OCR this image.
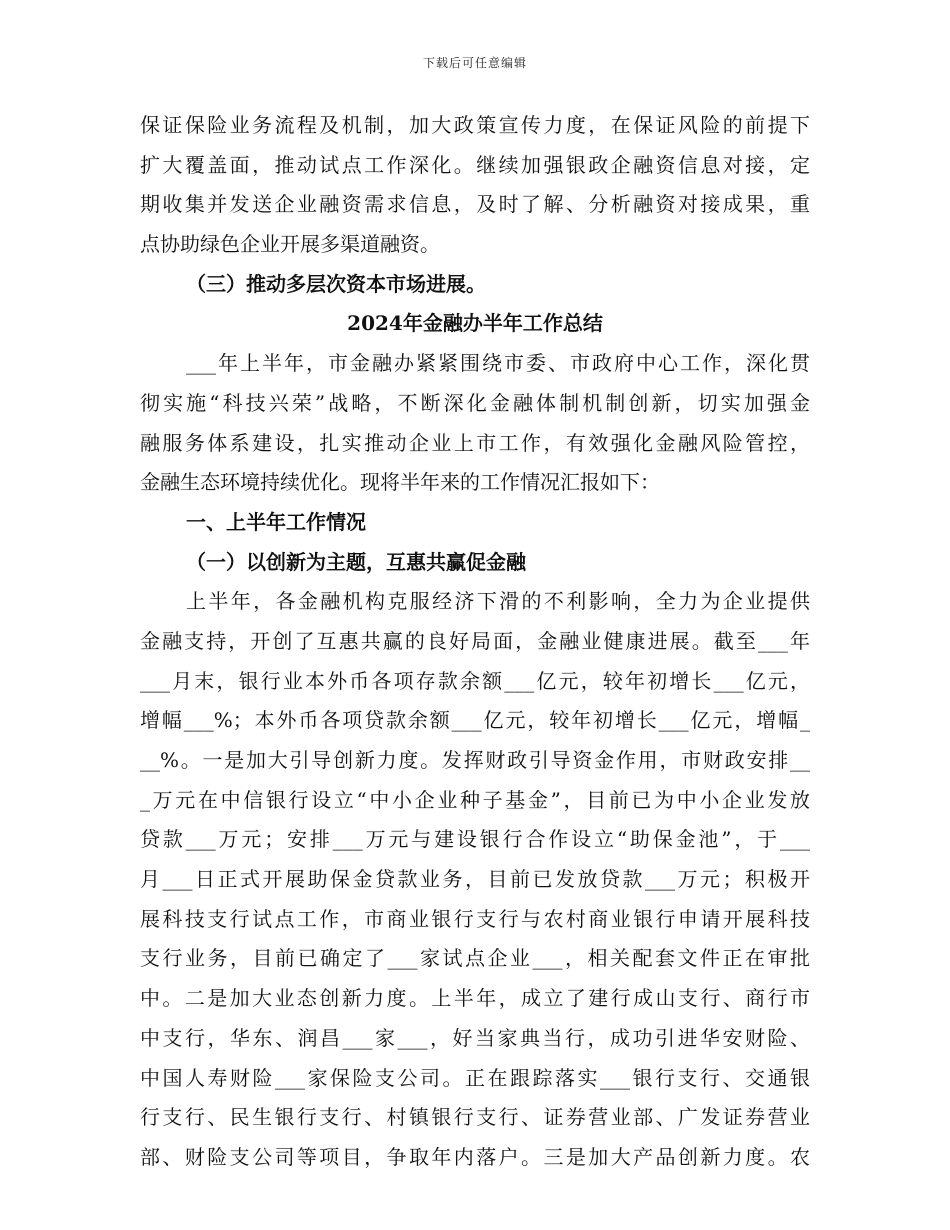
下载后可任意编辑
保证保险业务流程及机制，加大政策宣传力度，在保证风险的前提下
扩大覆盖面，推动试点工作深化。继续加强银政企融资信息对接，定
期收集并发送企业融资需求信息，及时了解、分析融资对接成果，重
点协助绿色企业开展多渠道融资。
（三）推动多层次资本市场进展。
2024年金融办半年工作总结
___年上半年，市金融办紧紧围绕市委、市政府中心工作，深化贯
彻实施“科技兴荣”战略，不断深化金融体制机制创新，切实加强金
融服务体系建设，扎实推动企业上市工作，有效强化金融风险管控，
金融生态环境持续优化。现将半年来的工作情况汇报如下：
一、上半年工作情况
（一）以创新为主题，互惠共赢促金融
上半年，各金融机构克服经济下滑的不利影响，全力为企业提供
金融支持，开创了互惠共赢的良好局面，金融业健康进展。截至___年
___月末，银行业本外币各项存款余额___亿元，较年初增长___亿元，
增幅___%；本外币各项贷款余额___亿元，较年初增长___亿元，增幅_
__%。一是加大引导创新力度。发挥财政引导资金作用，市财政安排__
_万元在中信银行设立“中小企业种子基金”，目前已为中小企业发放
贷款___万元；安排___万元与建设银行合作设立“助保金池”，于___
月___日正式开展助保金贷款业务，目前已发放贷款___万元；积极开
展科技支行试点工作，市商业银行支行与农村商业银行申请开展科技
支行业务，目前已确定了___家试点企业___，相关配套文件正在审批
中。二是加大业态创新力度。上半年，成立了建行成山支行、商行市
中支行，华东、润昌___家___，好当家典当行，成功引进华安财险、
中国人寿财险___家保险支公司。正在跟踪落实___银行支行、交通银
行支行、民生银行支行、村镇银行支行、证券营业部、广发证券营业
部、财险支公司等项目，争取年内落户。三是加大产品创新力度。农
